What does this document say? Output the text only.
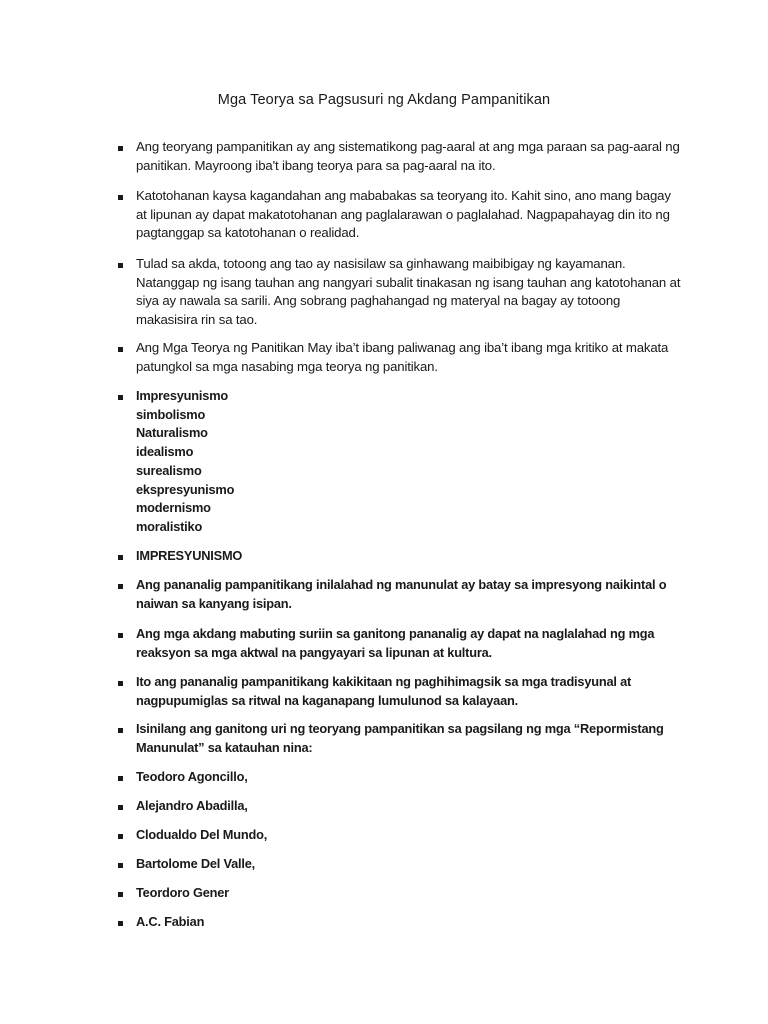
Mga Teorya sa Pagsusuri ng Akdang Pampanitikan
Ang teoryang pampanitikan ay ang sistematikong pag-aaral at ang mga paraan sa pag-aaral ng panitikan. Mayroong iba't ibang teorya para sa pag-aaral na ito.
Katotohanan kaysa kagandahan ang mababakas sa teoryang ito. Kahit sino, ano mang bagay at lipunan ay dapat makatotohanan ang paglalarawan o paglalahad. Nagpapahayag din ito ng pagtanggap sa katotohanan o realidad.
Tulad sa akda, totoong ang tao ay nasisilaw sa ginhawang maibibigay ng kayamanan. Natanggap ng isang tauhan ang nangyari subalit tinakasan ng isang tauhan ang katotohanan at siya ay nawala sa sarili. Ang sobrang paghahangad ng materyal na bagay ay totoong makasisira rin sa tao.
Ang Mga Teorya ng Panitikan May iba’t ibang paliwanag ang iba’t ibang mga kritiko at makata patungkol sa mga nasabing mga teorya ng panitikan.
Impresyunismo
simbolismo
Naturalismo
idealismo
surealismo
ekspresyunismo
modernismo
moralistiko
IMPRESYUNISMO
Ang pananalig pampanitikang inilalahad ng manunulat ay batay sa impresyong naikintal o naiwan sa kanyang isipan.
Ang mga akdang mabuting suriin sa ganitong pananalig ay dapat na naglalahad ng mga reaksyon sa mga aktwal na pangyayari sa lipunan at kultura.
Ito ang pananalig pampanitikang kakikitaan ng paghihimagsik sa mga tradisyunal at nagpupumiglas sa ritwal na kaganapang lumulunod sa kalayaan.
Isinilang ang ganitong uri ng teoryang pampanitikan sa pagsilang ng mga “Repormistang Manunulat” sa katauhan nina:
Teodoro Agoncillo,
Alejandro Abadilla,
Clodualdo Del Mundo,
Bartolome Del Valle,
Teordoro Gener
A.C. Fabian
